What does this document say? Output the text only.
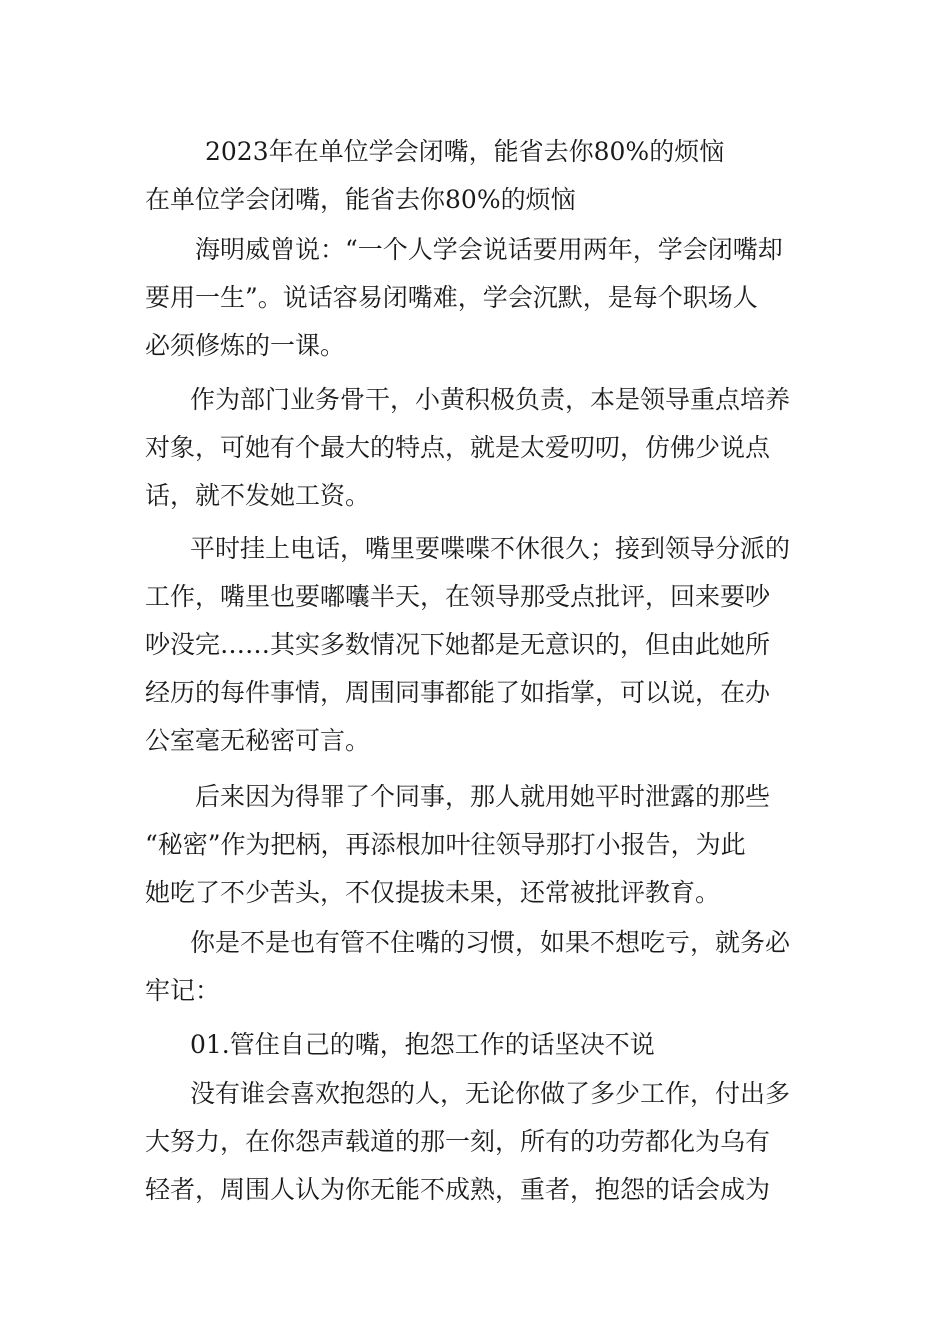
2023年在单位学会闭嘴，能省去你80%的烦恼
在单位学会闭嘴，能省去你80%的烦恼
海明威曾说：“一个人学会说话要用两年，学会闭嘴却
要用一生”。说话容易闭嘴难，学会沉默，是每个职场人
必须修炼的一课。
作为部门业务骨干，小黄积极负责，本是领导重点培养
对象，可她有个最大的特点，就是太爱叨叨，仿佛少说点
话，就不发她工资。
平时挂上电话，嘴里要喋喋不休很久；接到领导分派的
工作，嘴里也要嘟囔半天，在领导那受点批评，回来要吵
吵没完……其实多数情况下她都是无意识的，但由此她所
经历的每件事情，周围同事都能了如指掌，可以说，在办
公室毫无秘密可言。
后来因为得罪了个同事，那人就用她平时泄露的那些
“秘密”作为把柄，再添根加叶往领导那打小报告，为此
她吃了不少苦头，不仅提拔未果，还常被批评教育。
你是不是也有管不住嘴的习惯，如果不想吃亏，就务必
牢记：
01.管住自己的嘴，抱怨工作的话坚决不说
没有谁会喜欢抱怨的人，无论你做了多少工作，付出多
大努力，在你怨声载道的那一刻，所有的功劳都化为乌有
轻者，周围人认为你无能不成熟，重者，抱怨的话会成为
